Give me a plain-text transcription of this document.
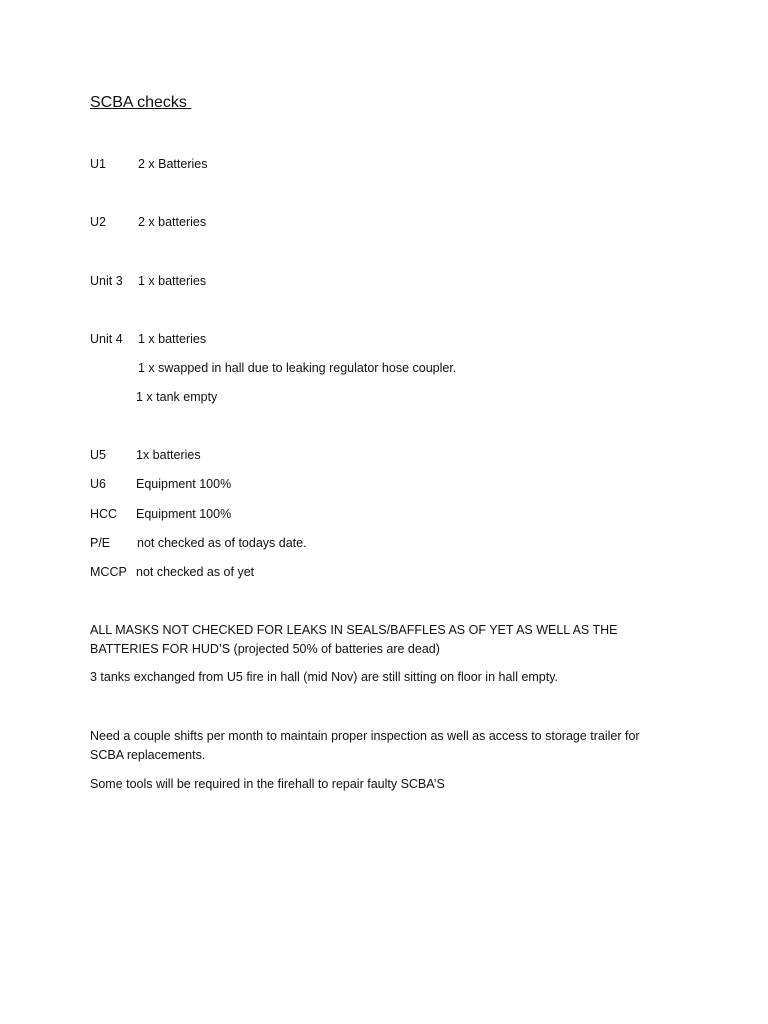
SCBA checks
U1	2 x Batteries
U2	2 x batteries
Unit 3 1 x batteries
Unit 4 1 x batteries
1 x swapped in hall due to leaking regulator hose coupler.
1 x tank empty
U5 1x batteries
U6 Equipment 100%
HCC Equipment 100%
P/E not checked as of todays date.
MCCP not checked as of yet
ALL MASKS NOT CHECKED FOR LEAKS IN SEALS/BAFFLES AS OF YET AS WELL AS THE BATTERIES FOR HUD’S (projected 50% of batteries are dead)
3 tanks exchanged from U5 fire in hall (mid Nov) are still sitting on floor in hall empty.
Need a couple shifts per month to maintain proper inspection as well as access to storage trailer for SCBA replacements.
Some tools will be required in the firehall to repair faulty SCBA’S
